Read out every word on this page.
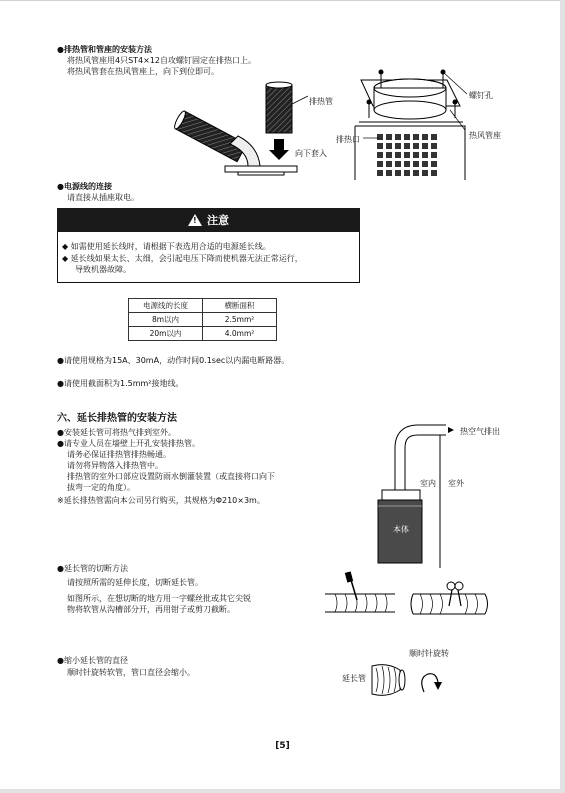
●排热管和管座的安装方法
将热风管座用4只ST4×12自攻螺钉固定在排热口上。
将热风管套在热风管座上，向下到位即可。
排热管
向下套入
螺钉孔
排热口	热风管座
●电源线的连接
请直接从插座取电。
! 注意
◆ 如需使用延长线时，请根据下表选用合适的电源延长线。
◆ 延长线如果太长、太细，会引起电压下降而使机器无法正常运行，
导致机器故障。
电源线的长度	横断面积
8m以内	2.5mm²
20m以内	4.0mm²
●请使用规格为15A、30mA，动作时间0.1sec以内漏电断路器。
●请使用截面积为1.5mm²接地线。
六、延长排热管的安装方法
●安装延长管可将热气排到室外。
●请专业人员在墙壁上开孔安装排热管。
请务必保证排热管排热畅通。
请勿将异物落入排热管中。
排热管的室外口部应设置防雨水倒灌装置（或直接将口向下
拔弯一定的角度）。
※延长排热管需向本公司另行购买，其规格为Φ210×3m。
热空气排出
室内 室外
本体
●延长管的切断方法
请按照所需的延伸长度，切断延长管。
如图所示，在想切断的地方用一字螺丝批或其它尖锐
物将软管从沟槽部分开，再用钳子或剪刀截断。
●缩小延长管的直径
顺时针旋转软管，管口直径会缩小。
顺时针旋转
延长管
[5]
